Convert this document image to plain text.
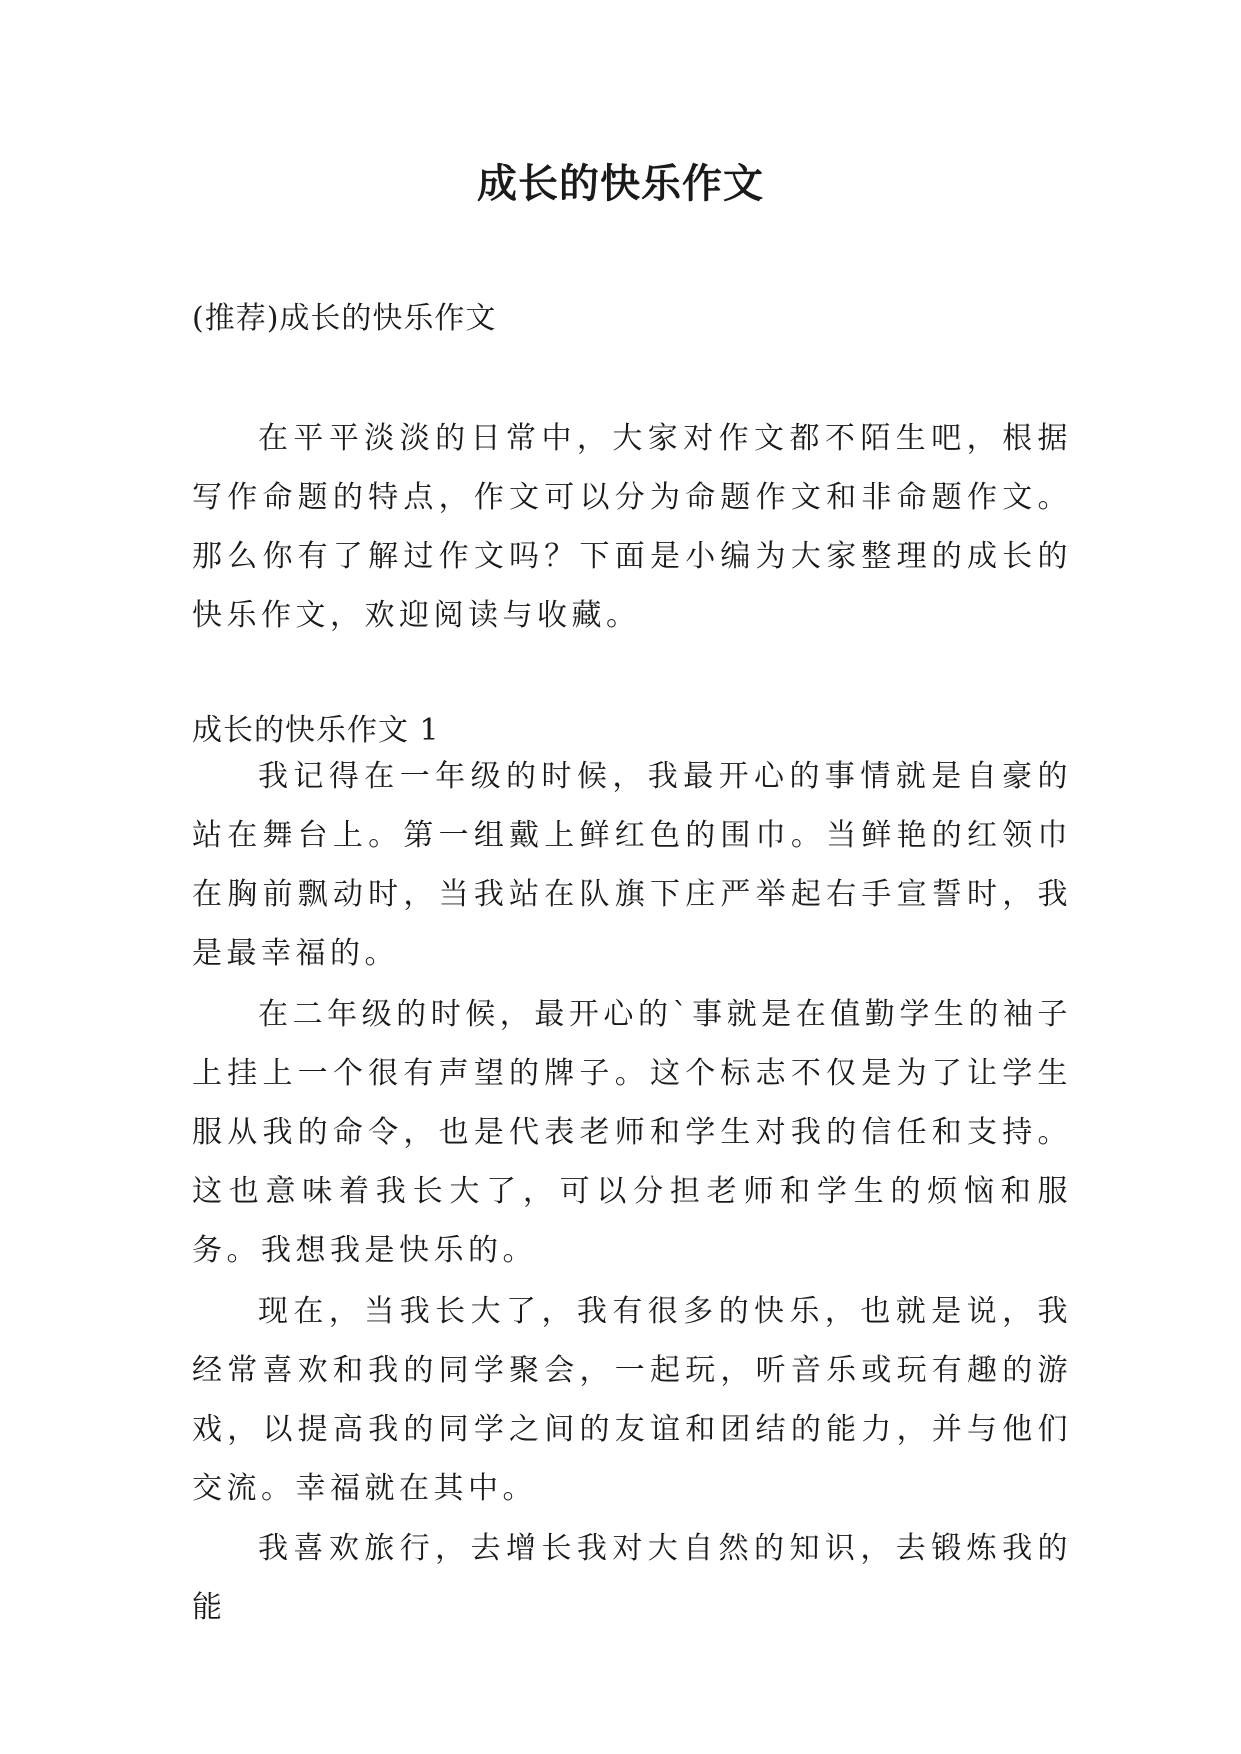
成长的快乐作文

(推荐)成长的快乐作文

在平平淡淡的日常中，大家对作文都不陌生吧，根据写作命题的特点，作文可以分为命题作文和非命题作文。那么你有了解过作文吗？下面是小编为大家整理的成长的快乐作文，欢迎阅读与收藏。

成长的快乐作文 1

我记得在一年级的时候，我最开心的事情就是自豪的站在舞台上。第一组戴上鲜红色的围巾。当鲜艳的红领巾在胸前飘动时，当我站在队旗下庄严举起右手宣誓时，我是最幸福的。

在二年级的时候，最开心的`事就是在值勤学生的袖子上挂上一个很有声望的牌子。这个标志不仅是为了让学生服从我的命令，也是代表老师和学生对我的信任和支持。这也意味着我长大了，可以分担老师和学生的烦恼和服务。我想我是快乐的。

现在，当我长大了，我有很多的快乐，也就是说，我经常喜欢和我的同学聚会，一起玩，听音乐或玩有趣的游戏，以提高我的同学之间的友谊和团结的能力，并与他们交流。幸福就在其中。

我喜欢旅行，去增长我对大自然的知识，去锻炼我的能
